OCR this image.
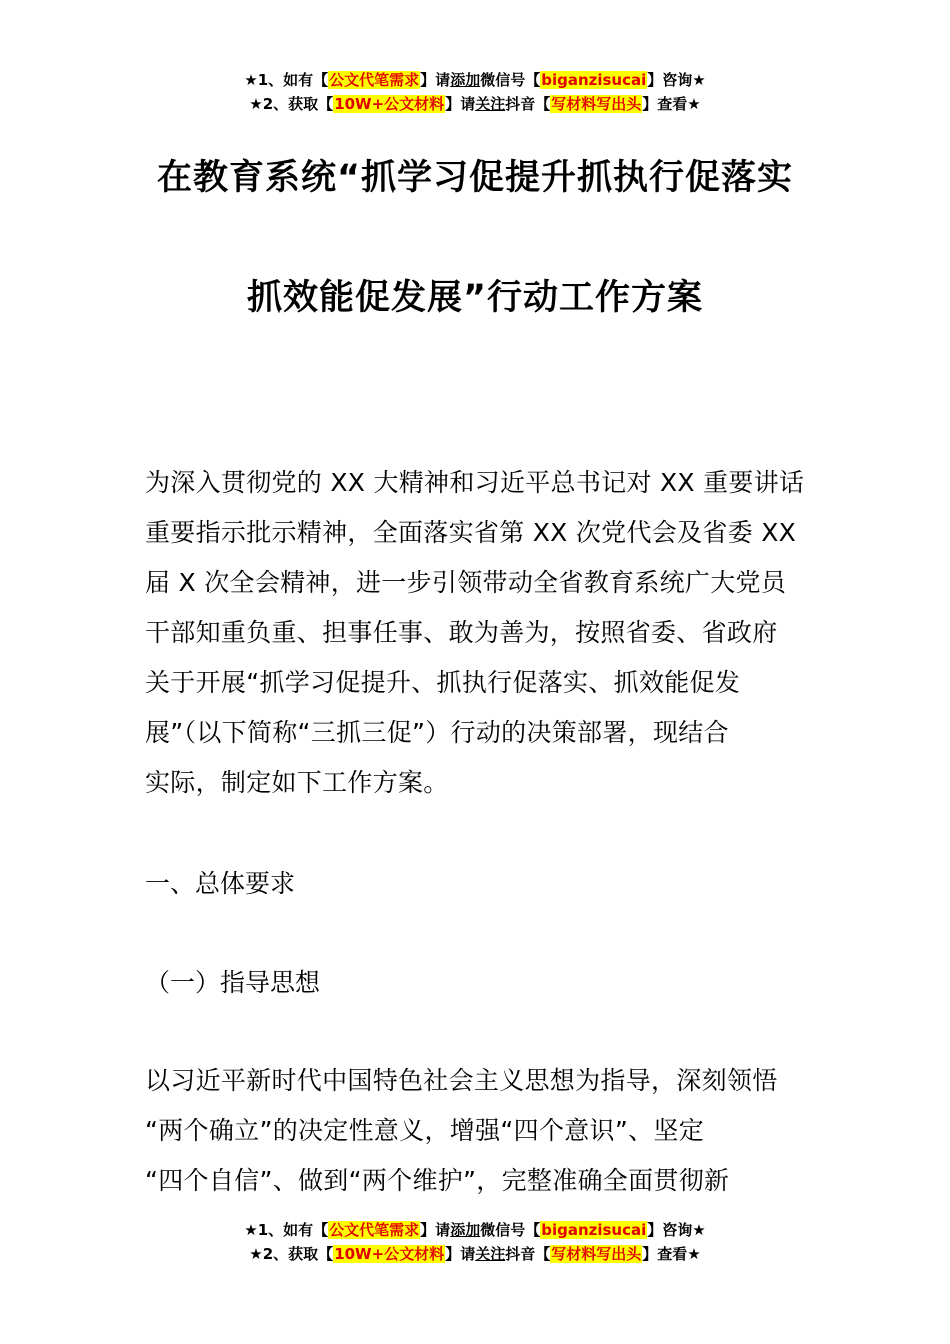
★1、如有【公文代笔需求】请添加微信号【biganzisucai】咨询★
★2、获取【10W+公文材料】请关注抖音【写材料写出头】查看★
在教育系统“抓学习促提升抓执行促落实
抓效能促发展”行动工作方案
为深入贯彻党的 XX 大精神和习近平总书记对 XX 重要讲话
重要指示批示精神，全面落实省第 XX 次党代会及省委 XX
届 X 次全会精神，进一步引领带动全省教育系统广大党员
干部知重负重、担事任事、敢为善为，按照省委、省政府
关于开展“抓学习促提升、抓执行促落实、抓效能促发
展”（以下简称“三抓三促”）行动的决策部署，现结合
实际，制定如下工作方案。
一、总体要求
（一）指导思想
以习近平新时代中国特色社会主义思想为指导，深刻领悟
“两个确立”的决定性意义，增强“四个意识”、坚定
“四个自信”、做到“两个维护”，完整准确全面贯彻新
★1、如有【公文代笔需求】请添加微信号【biganzisucai】咨询★
★2、获取【10W+公文材料】请关注抖音【写材料写出头】查看★
